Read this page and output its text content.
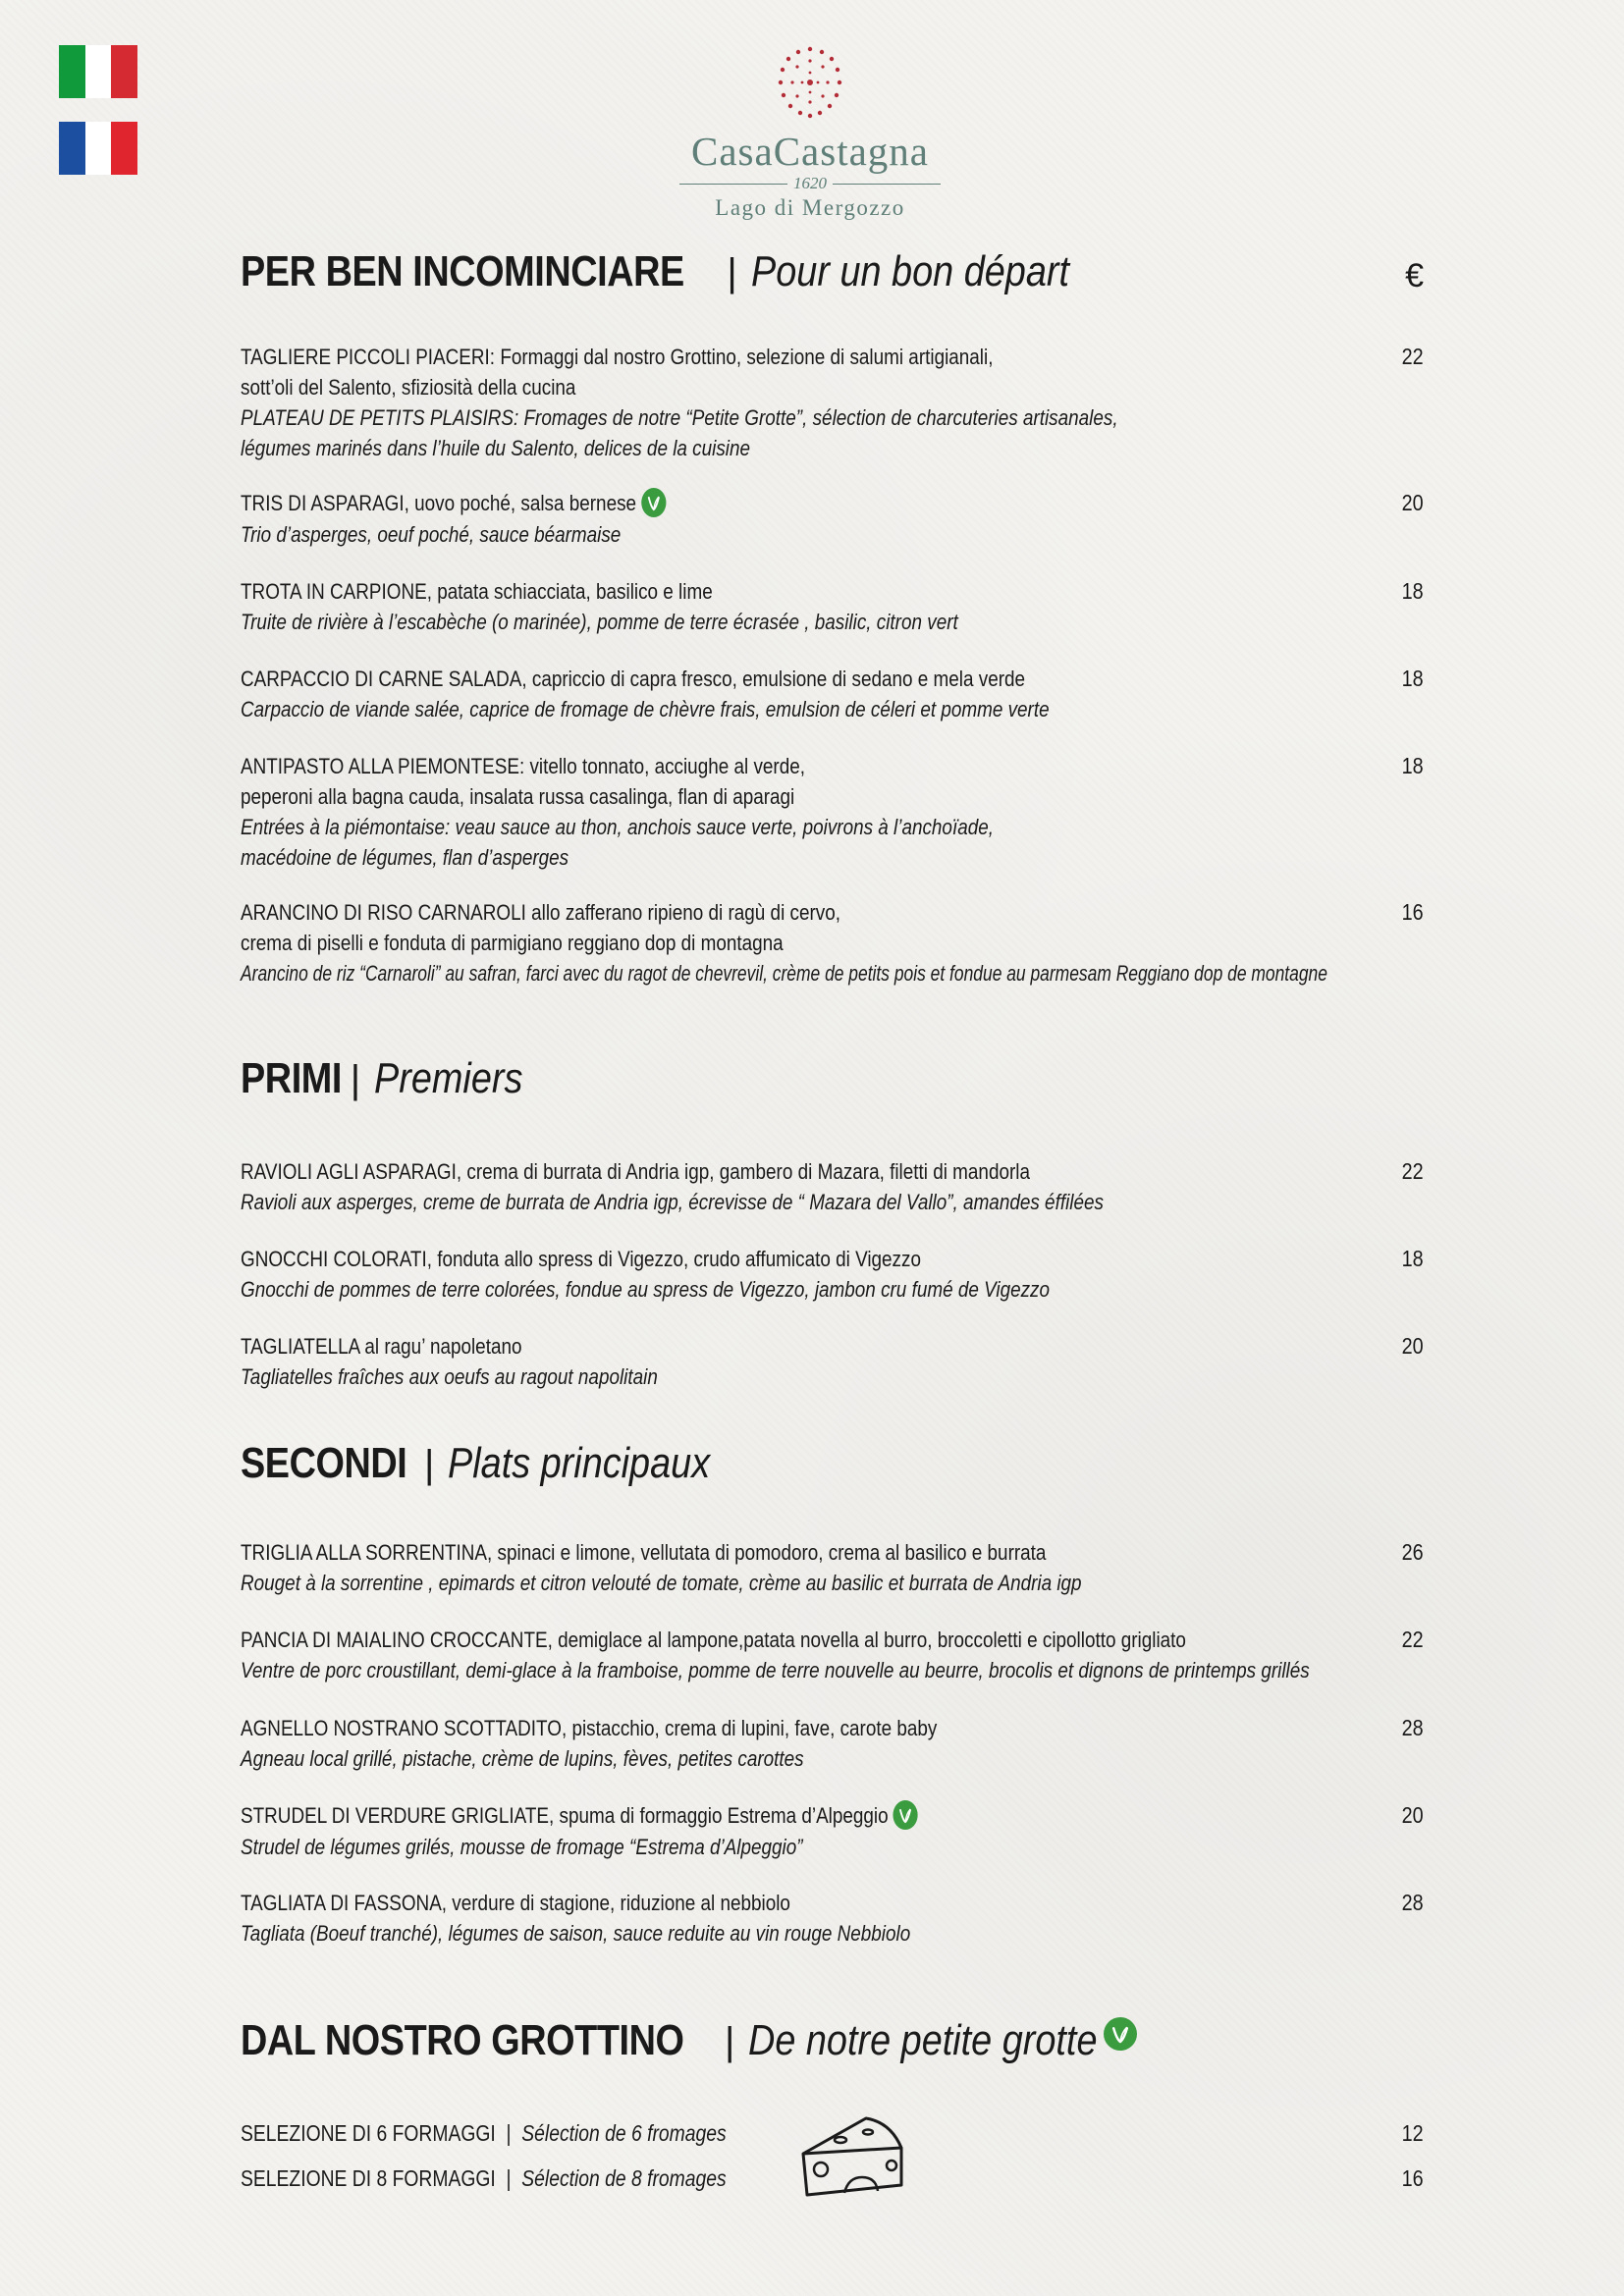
CasaCastagna
1620
Lago di Mergozzo
PER BEN INCOMINCIARE | Pour un bon départ	€
TAGLIERE PICCOLI PIACERI: Formaggi dal nostro Grottino, selezione di salumi artigianali,
sott’oli del Salento, sfiziosità della cucina
PLATEAU DE PETITS PLAISIRS: Fromages de notre “Petite Grotte”, sélection de charcuteries artisanales,
légumes marinés dans l’huile du Salento, delices de la cuisine
22
TRIS DI ASPARAGI, uovo poché, salsa bernese
Trio d’asperges, oeuf poché, sauce béarmaise
20
TROTA IN CARPIONE, patata schiacciata, basilico e lime
Truite de rivière à l’escabèche (o marinée), pomme de terre écrasée , basilic, citron vert
18
CARPACCIO DI CARNE SALADA, capriccio di capra fresco, emulsione di sedano e mela verde
Carpaccio de viande salée, caprice de fromage de chèvre frais, emulsion de céleri et pomme verte
18
ANTIPASTO ALLA PIEMONTESE: vitello tonnato, acciughe al verde,
peperoni alla bagna cauda, insalata russa casalinga, flan di aparagi
Entrées à la piémontaise: veau sauce au thon, anchois sauce verte, poivrons à l’anchoïade,
macédoine de légumes, flan d’asperges
18
ARANCINO DI RISO CARNAROLI allo zafferano ripieno di ragù di cervo,
crema di piselli e fonduta di parmigiano reggiano dop di montagna
Arancino de riz “Carnaroli” au safran, farci avec du ragot de chevrevil, crème de petits pois et fondue au parmesam Reggiano dop de montagne
16
PRIMI | Premiers
RAVIOLI AGLI ASPARAGI, crema di burrata di Andria igp, gambero di Mazara, filetti di mandorla
Ravioli aux asperges, creme de burrata de Andria igp, écrevisse de “ Mazara del Vallo”, amandes éffilées
22
GNOCCHI COLORATI, fonduta allo spress di Vigezzo, crudo affumicato di Vigezzo
Gnocchi de pommes de terre colorées, fondue au spress de Vigezzo, jambon cru fumé de Vigezzo
18
TAGLIATELLA al ragu’ napoletano
Tagliatelles fraîches aux oeufs au ragout napolitain
20
SECONDI | Plats principaux
TRIGLIA ALLA SORRENTINA, spinaci e limone, vellutata di pomodoro, crema al basilico e burrata
Rouget à la sorrentine , epimards et citron velouté de tomate, crème au basilic et burrata de Andria igp
26
PANCIA DI MAIALINO CROCCANTE, demiglace al lampone,patata novella al burro, broccoletti e cipollotto grigliato
Ventre de porc croustillant, demi-glace à la framboise, pomme de terre nouvelle au beurre, brocolis et dignons de printemps grillés
22
AGNELLO NOSTRANO SCOTTADITO, pistacchio, crema di lupini, fave, carote baby
Agneau local grillé, pistache, crème de lupins, fèves, petites carottes
28
STRUDEL DI VERDURE GRIGLIATE, spuma di formaggio Estrema d’Alpeggio
Strudel de légumes grilés, mousse de fromage “Estrema d’Alpeggio”
20
TAGLIATA DI FASSONA, verdure di stagione, riduzione al nebbiolo
Tagliata (Boeuf tranché), légumes de saison, sauce reduite au vin rouge Nebbiolo
28
DAL NOSTRO GROTTINO | De notre petite grotte
SELEZIONE DI 6 FORMAGGI  |  Sélection de 6 fromages	12
SELEZIONE DI 8 FORMAGGI  |  Sélection de 8 fromages	16
